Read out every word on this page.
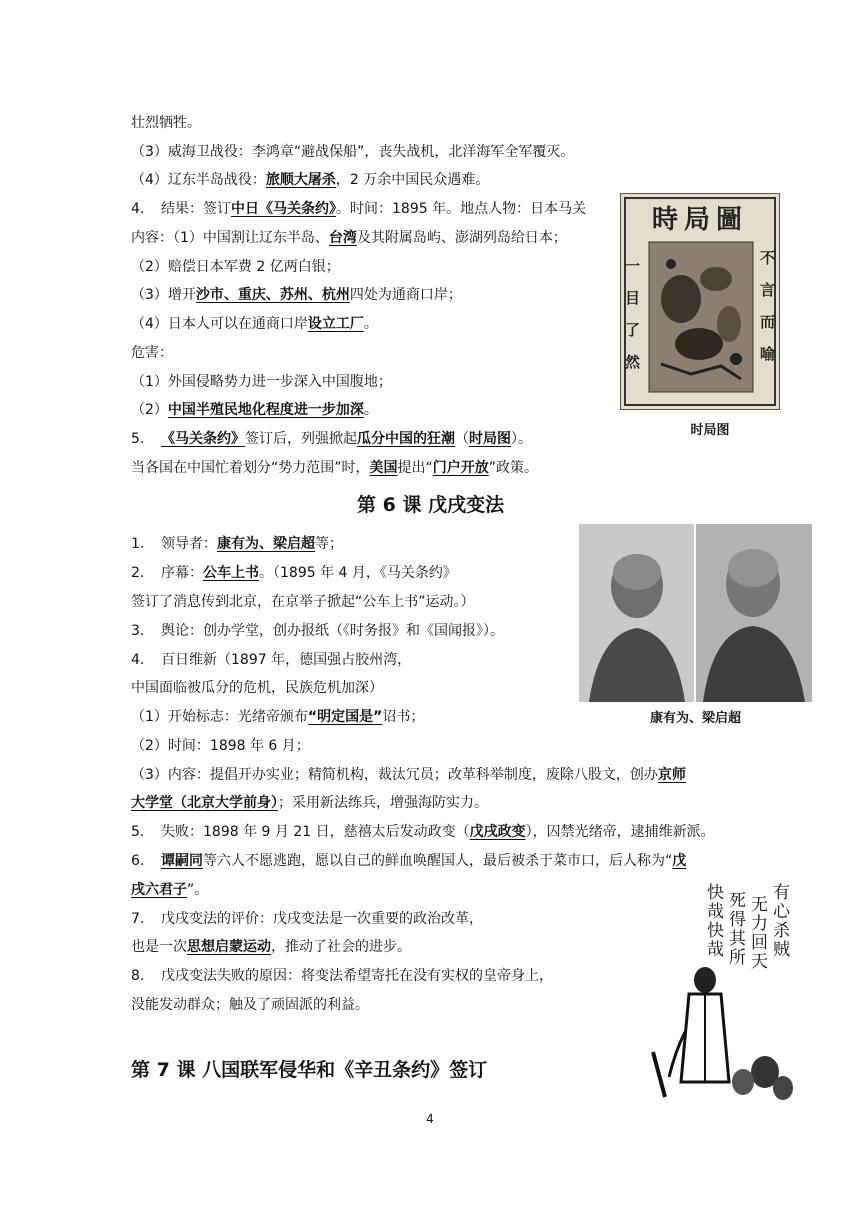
壮烈牺牲。
（3）威海卫战役：李鸿章“避战保船”，丧失战机，北洋海军全军覆灭。
（4）辽东半岛战役：旅顺大屠杀，2 万余中国民众遇难。
4. 结果：签订中日《马关条约》。时间：1895 年。地点人物：日本马关
内容：（1）中国割让辽东半岛、台湾及其附属岛屿、澎湖列岛给日本；
（2）赔偿日本军费 2 亿两白银；
（3）增开沙市、重庆、苏州、杭州四处为通商口岸；
（4）日本人可以在通商口岸设立工厂。
危害：
（1）外国侵略势力进一步深入中国腹地；
（2）中国半殖民地化程度进一步加深。
5. 《马关条约》签订后，列强掀起瓜分中国的狂潮（时局图）。
当各国在中国忙着划分“势力范围”时，美国提出“门户开放”政策。
時局圖
一目了然
不言而喻
时局图
第 6 课 戊戌变法
1. 领导者：康有为、梁启超等；
2. 序幕：公车上书。（1895 年 4 月，《马关条约》
签订了消息传到北京，在京举子掀起“公车上书”运动。）
3. 舆论：创办学堂，创办报纸（《时务报》和《国闻报》）。
4. 百日维新（1897 年，德国强占胶州湾，
中国面临被瓜分的危机，民族危机加深）
（1）开始标志：光绪帝颁布“明定国是”诏书；
（2）时间：1898 年 6 月；
（3）内容：提倡开办实业；精简机构，裁汰冗员；改革科举制度，废除八股文，创办京师
大学堂（北京大学前身）；采用新法练兵，增强海防实力。
5. 失败：1898 年 9 月 21 日，慈禧太后发动政变（戊戌政变），囚禁光绪帝，逮捕维新派。
6. 谭嗣同等六人不愿逃跑，愿以自己的鲜血唤醒国人，最后被杀于菜市口，后人称为“戊
戌六君子”。
7. 戊戌变法的评价：戊戌变法是一次重要的政治改革，
也是一次思想启蒙运动，推动了社会的进步。
8. 戊戌变法失败的原因：将变法希望寄托在没有实权的皇帝身上，
没能发动群众；触及了顽固派的利益。
康有为、梁启超
有心杀贼
无力回天
死得其所
快哉快哉
第 7 课 八国联军侵华和《辛丑条约》签订
4
